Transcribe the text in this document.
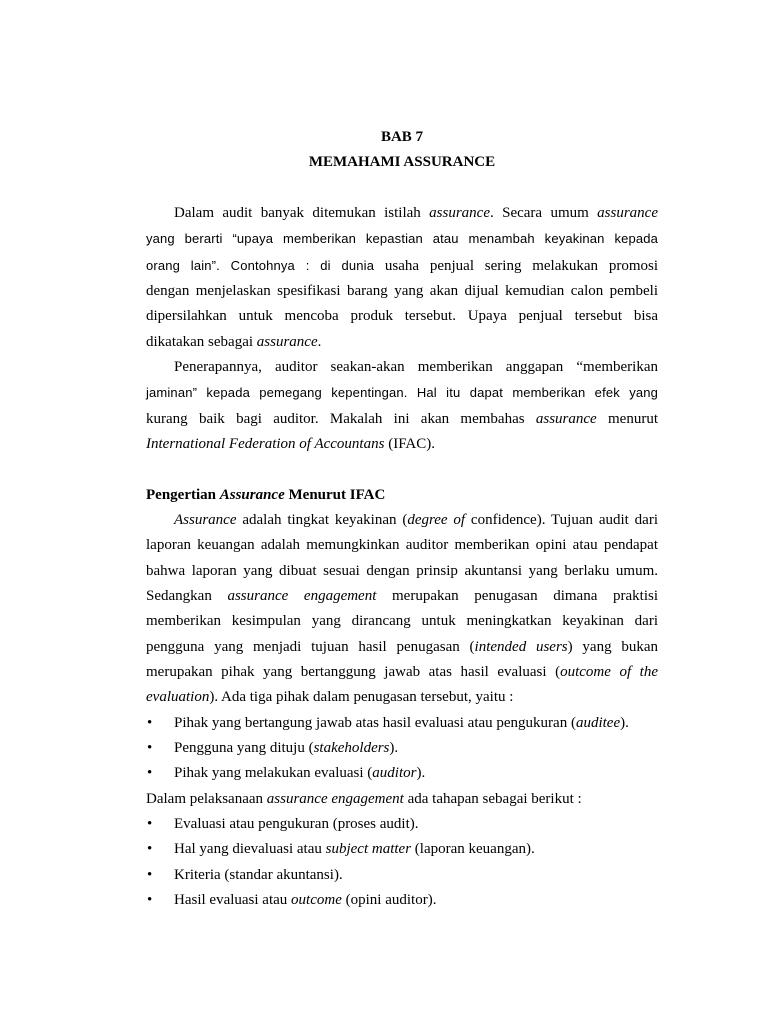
BAB 7
MEMAHAMI ASSURANCE
Dalam audit banyak ditemukan istilah assurance. Secara umum assurance
yang berarti “upaya memberikan kepastian atau menambah keyakinan kepada
orang lain”. Contohnya : di dunia usaha penjual sering melakukan promosi
dengan menjelaskan spesifikasi barang yang akan dijual kemudian calon pembeli
dipersilahkan untuk mencoba produk tersebut. Upaya penjual tersebut bisa
dikatakan sebagai assurance.
Penerapannya, auditor seakan-akan memberikan anggapan “memberikan
jaminan” kepada pemegang kepentingan. Hal itu dapat memberikan efek yang
kurang baik bagi auditor. Makalah ini akan membahas assurance menurut
International Federation of Accountans (IFAC).
Pengertian Assurance Menurut IFAC
Assurance adalah tingkat keyakinan (degree of confidence). Tujuan audit dari
laporan keuangan adalah memungkinkan auditor memberikan opini atau pendapat
bahwa laporan yang dibuat sesuai dengan prinsip akuntansi yang berlaku umum.
Sedangkan assurance engagement merupakan penugasan dimana praktisi
memberikan kesimpulan yang dirancang untuk meningkatkan keyakinan dari
pengguna yang menjadi tujuan hasil penugasan (intended users) yang bukan
merupakan pihak yang bertanggung jawab atas hasil evaluasi (outcome of the
evaluation). Ada tiga pihak dalam penugasan tersebut, yaitu :
• Pihak yang bertangung jawab atas hasil evaluasi atau pengukuran (auditee).
• Pengguna yang dituju (stakeholders).
• Pihak yang melakukan evaluasi (auditor).
Dalam pelaksanaan assurance engagement ada tahapan sebagai berikut :
• Evaluasi atau pengukuran (proses audit).
• Hal yang dievaluasi atau subject matter (laporan keuangan).
• Kriteria (standar akuntansi).
• Hasil evaluasi atau outcome (opini auditor).
